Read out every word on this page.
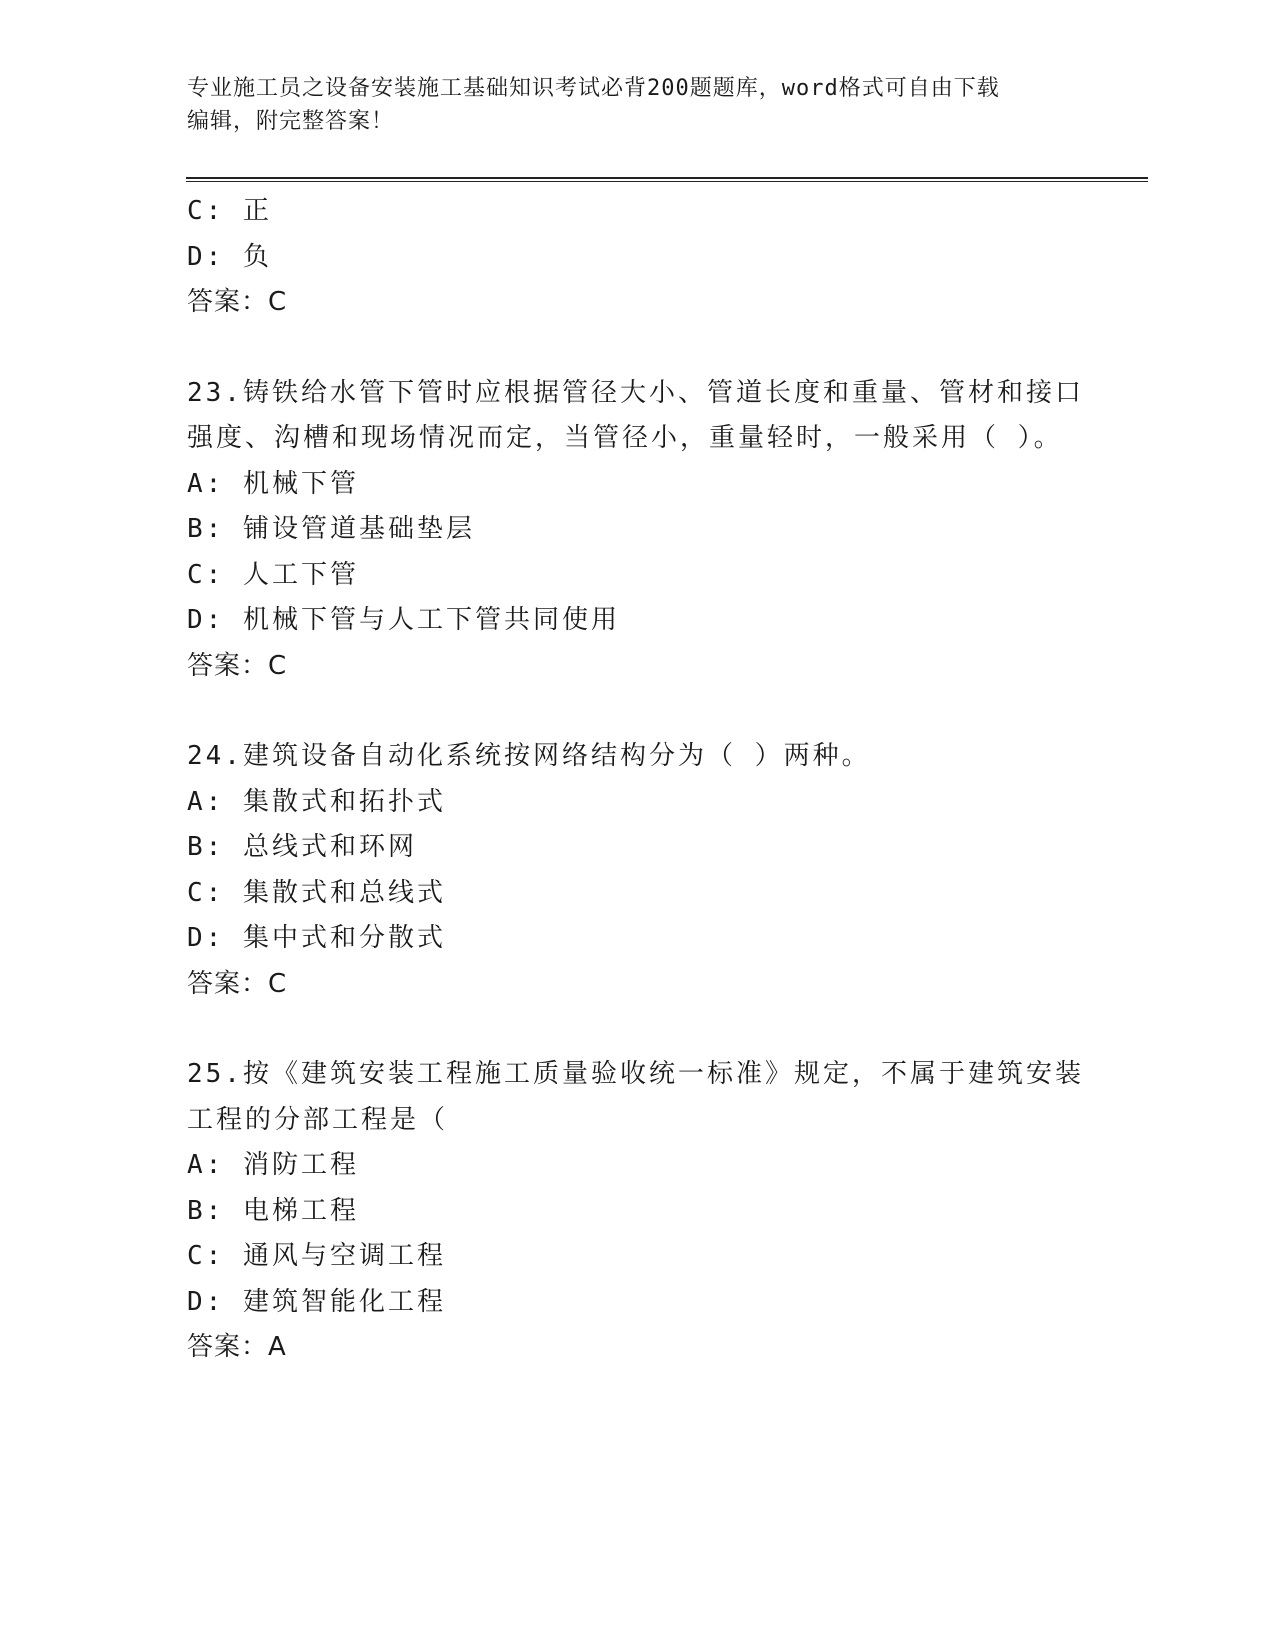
专业施工员之设备安装施工基础知识考试必背200题题库，word格式可自由下载
编辑，附完整答案！
C: 正
D: 负
答案：C
23.铸铁给水管下管时应根据管径大小、管道长度和重量、管材和接口
强度、沟槽和现场情况而定，当管径小，重量轻时，一般采用（ ）。
A: 机械下管
B: 铺设管道基础垫层
C: 人工下管
D: 机械下管与人工下管共同使用
答案：C
24.建筑设备自动化系统按网络结构分为（ ）两种。
A: 集散式和拓扑式
B: 总线式和环网
C: 集散式和总线式
D: 集中式和分散式
答案：C
25.按《建筑安装工程施工质量验收统一标准》规定，不属于建筑安装
工程的分部工程是（
A: 消防工程
B: 电梯工程
C: 通风与空调工程
D: 建筑智能化工程
答案：A
